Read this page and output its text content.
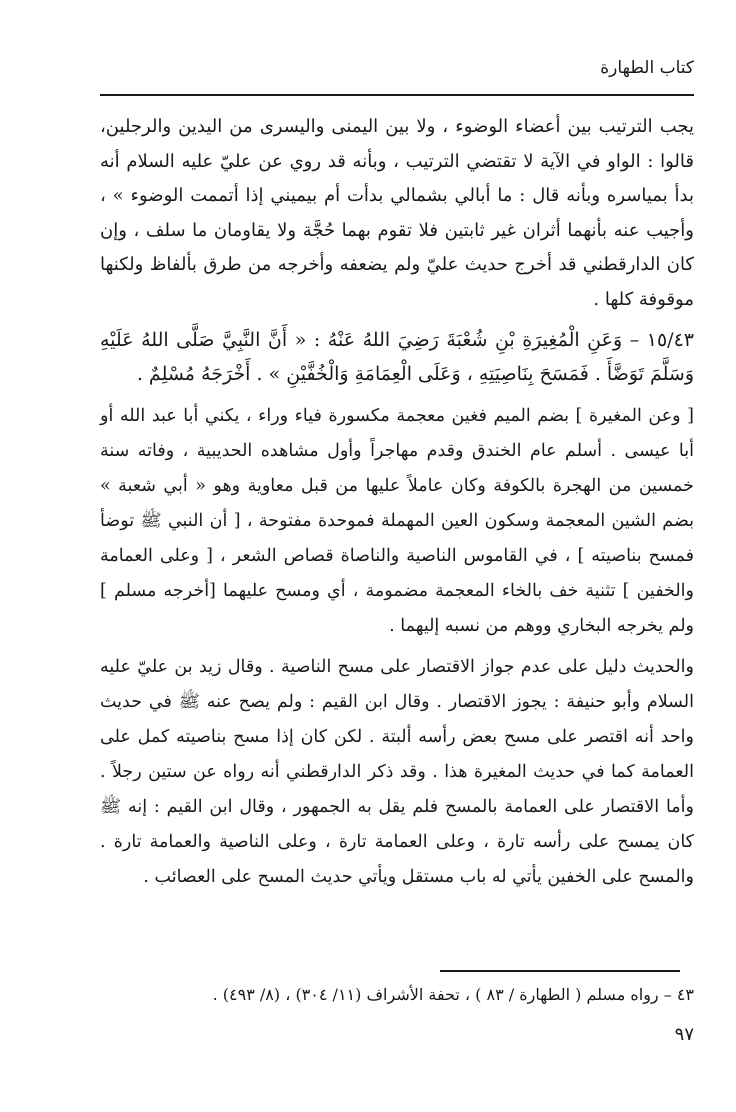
كتاب الطهارة

يجب الترتيب بين أعضاء الوضوء ، ولا بين اليمنى واليسرى من اليدين والرجلين، قالوا : الواو في الآية لا تقتضي الترتيب ، وبأنه قد روي عن عليّ عليه السلام أنه بدأ بمياسره وبأنه قال : ما أبالي بشمالي بدأت أم بيميني إذا أتممت الوضوء » ، وأجيب عنه بأنهما أثران غير ثابتين فلا تقوم بهما حُجَّة ولا يقاومان ما سلف ، وإن كان الدارقطني قد أخرج حديث عليّ ولم يضعفه وأخرجه من طرق بألفاظ ولكنها موقوفة كلها .

١٥/٤٣ – وَعَنِ الْمُغِيرَةِ بْنِ شُعْبَةَ رَضِيَ اللهُ عَنْهُ : « أَنَّ النَّبِيَّ صَلَّى اللهُ عَلَيْهِ وَسَلَّمَ تَوَضَّأَ . فَمَسَحَ بِنَاصِيَتِهِ ، وَعَلَى الْعِمَامَةِ وَالْخُفَّيْنِ » . أَخْرَجَهُ مُسْلِمٌ .

[ وعن المغيرة ] بضم الميم فغين معجمة مكسورة فياء وراء ، يكني أبا عبد الله أو أبا عيسى . أسلم عام الخندق وقدم مهاجراً وأول مشاهده الحديبية ، وفاته سنة خمسين من الهجرة بالكوفة وكان عاملاً عليها من قبل معاوية وهو « أبي شعبة » بضم الشين المعجمة وسكون العين المهملة فموحدة مفتوحة ، [ أن النبي ﷺ توضأ فمسح بناصيته ] ، في القاموس الناصية والناصاة قصاص الشعر ، [ وعلى العمامة والخفين ] تثنية خف بالخاء المعجمة مضمومة ، أي ومسح عليهما [أخرجه مسلم ] ولم يخرجه البخاري ووهم من نسبه إليهما .

والحديث دليل على عدم جواز الاقتصار على مسح الناصية . وقال زيد بن عليّ عليه السلام وأبو حنيفة : يجوز الاقتصار . وقال ابن القيم : ولم يصح عنه ﷺ في حديث واحد أنه اقتصر على مسح بعض رأسه ألبتة . لكن كان إذا مسح بناصيته كمل على العمامة كما في حديث المغيرة هذا . وقد ذكر الدارقطني أنه رواه عن ستين رجلاً . وأما الاقتصار على العمامة بالمسح فلم يقل به الجمهور ، وقال ابن القيم : إنه ﷺ كان يمسح على رأسه تارة ، وعلى العمامة تارة ، وعلى الناصية والعمامة تارة . والمسح على الخفين يأتي له باب مستقل ويأتي حديث المسح على العصائب .

٤٣ – رواه مسلم ( الطهارة / ٨٣ ) ، تحفة الأشراف (١١/ ٣٠٤) ، (٨/ ٤٩٣) .
٩٧
